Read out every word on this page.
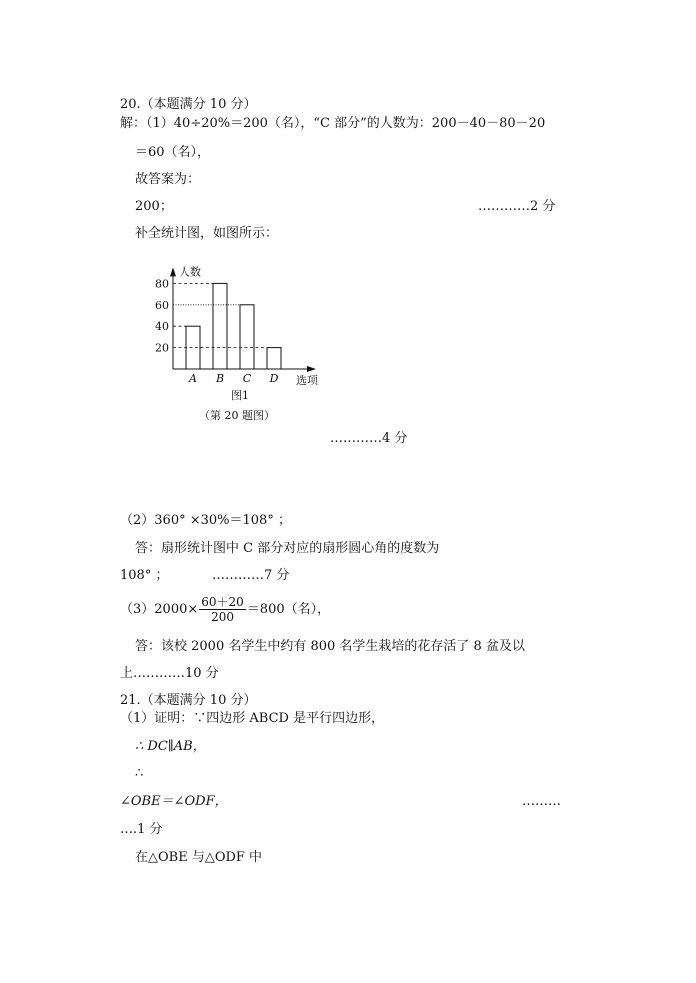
20.（本题满分 10 分）
解：（1）40÷20%＝200（名），“C 部分”的人数为：200－40－80－20
＝60（名），
故答案为：
200；	…………2 分
补全统计图，如图所示：
人数
选项
20
40
60
80
A B C D
图1
（第 20 题图）
…………4 分
（2）360° ×30%＝108° ；
答：扇形统计图中 C 部分对应的扇形圆心角的度数为
108° ；	…………7 分
$(3)2000\times \frac{60+20}{200} =800$（名），
答：该校 2000 名学生中约有 800 名学生栽培的花存活了 8 盆及以
上…………10 分
21.（本题满分 10 分）
（1）证明：∵四边形 ABCD 是平行四边形，
∴ DC∥AB，
∴
∠OBE＝∠ODF，	………
….1 分
在△OBE 与△ODF 中
